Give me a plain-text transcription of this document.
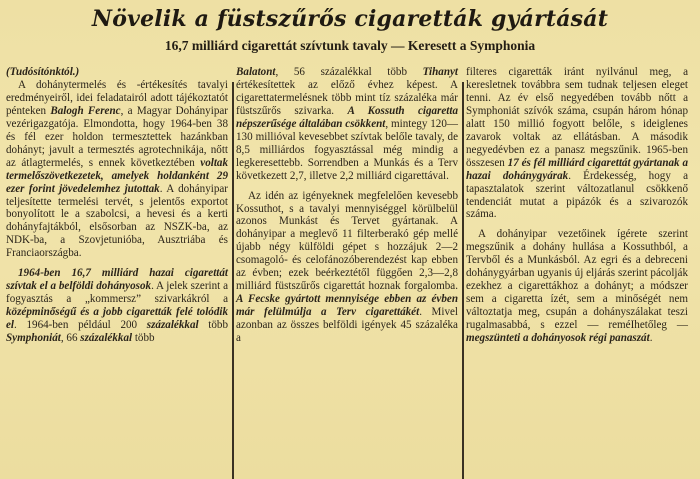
Növelik a füstszűrős cigaretták gyártását
16,7 milliárd cigarettát szívtunk tavaly — Keresett a Symphonia

(Tudósítónktól.)

A dohánytermelés és -értékesítés tavalyi eredményeiről, idei feladatairól adott tájékoztatót pénteken Balogh Ferenc, a Magyar Dohányipar vezérigazgatója. Elmondotta, hogy 1964-ben 38 és fél ezer holdon termesztettek hazánkban dohányt; javult a termesztés agrotechnikája, nőtt az átlagtermelés, s ennek következtében voltak termelőszövetkezetek, amelyek holdanként 29 ezer forint jövedelemhez jutottak. A dohányipar teljesítette termelési tervét, s jelentős exportot bonyolított le a szabolcsi, a hevesi és a kerti dohányfajtákból, elsősorban az NSZK-ba, az NDK-ba, a Szovjetunióba, Ausztriába és Franciaországba.

1964-ben 16,7 milliárd hazai cigarettát szívtak el a belföldi dohányosok. A jelek szerint a fogyasztás a „kommersz” szivarkákról a középminőségű és a jobb cigaretták felé tolódik el. 1964-ben például 200 százalékkal több Symphoniát, 66 százalékkal több

Balatont, 56 százalékkal több Tihanyt értékesítettek az előző évhez képest. A cigarettatermelésnek több mint tíz százaléka már füstszűrős szivarka. A Kossuth cigaretta népszerűsége általában csökkent, mintegy 120—130 millióval kevesebbet szívtak belőle tavaly, de 8,5 milliárdos fogyasztással még mindig a legkeresettebb. Sorrendben a Munkás és a Terv következett 2,7, illetve 2,2 milliárd cigarettával.

Az idén az igényeknek megfelelően kevesebb Kossuthot, s a tavalyi mennyiséggel körülbelül azonos Munkást és Tervet gyártanak. A dohányipar a meglevő 11 filterberakó gép mellé újabb négy külföldi gépet s hozzájuk 2—2 csomagoló- és celofánozóberendezést kap ebben az évben; ezek beérkeztétől függően 2,3—2,8 milliárd füstszűrős cigarettát hoznak forgalomba. A Fecske gyártott mennyisége ebben az évben már felülmúlja a Terv cigarettákét. Mivel azonban az összes belföldi igények 45 százaléka a

filteres cigaretták iránt nyilvánul meg, a keresletnek továbbra sem tudnak teljesen eleget tenni. Az év első negyedében tovább nőtt a Symphoniát szívók száma, csupán három hónap alatt 150 millió fogyott belőle, s ideiglenes zavarok voltak az ellátásban. A második negyedévben ez a panasz megszűnik. 1965-ben összesen 17 és fél milliárd cigarettát gyártanak a hazai dohánygyárak. Érdekesség, hogy a tapasztalatok szerint változatlanul csökkenő tendenciát mutat a pipázók és a szivarozók száma.

A dohányipar vezetőinek ígérete szerint megszűnik a dohány hullása a Kossuthból, a Tervből és a Munkásból. Az egri és a debreceni dohánygyárban ugyanis új eljárás szerint pácolják ezekhez a cigarettákhoz a dohányt; a módszer sem a cigaretta ízét, sem a minőségét nem változtatja meg, csupán a dohányszálakat teszi rugalmasabbá, s ezzel — reméIhetőleg — megszünteti a dohányosok régi panaszát.
